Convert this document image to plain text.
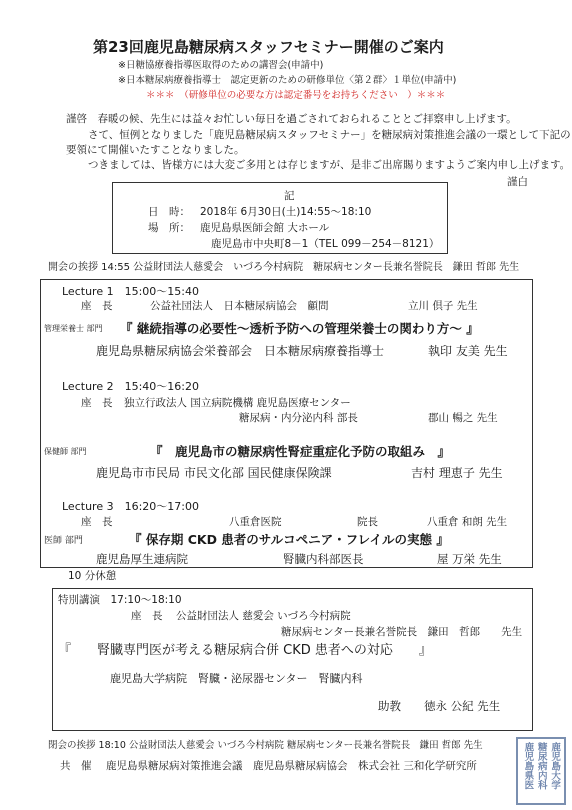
第23回鹿児島糖尿病スタッフセミナー開催のご案内
※日糖協療養指導医取得のための講習会(申請中)
※日本糖尿病療養指導士　認定更新のための研修単位〈第２群〉１単位(申請中)
＊＊＊　（研修単位の必要な方は認定番号をお持ちください　）＊＊＊
謹啓　春暖の候、先生には益々お忙しい毎日を過ごされておられることとご拝察申し上げます。
さて、恒例となりました「鹿児島糖尿病スタッフセミナー」を糖尿病対策推進会議の一環として下記の
要領にて開催いたすことなりました。
つきましては、皆様方には大変ご多用とは存じますが、是非ご出席賜りますようご案内申し上げます。
謹白
記
日　時： 2018年 6月30日(土)14:55～18:10
場　所： 鹿児島県医師会館 大ホール
鹿児島市中央町8－1（TEL 099－254－8121）
開会の挨拶 14:55 公益財団法人慈愛会　いづろ今村病院　糖尿病センター長兼名誉院長　鎌田 哲郎 先生
Lecture 1　15:00～15:40
座　長	公益社団法人　日本糖尿病協会　顧問	立川 倶子 先生
管理栄養士 部門 『 継続指導の必要性～透析予防への管理栄養士の関わり方～ 』
鹿児島県糖尿病協会栄養部会　日本糖尿病療養指導士	執印 友美 先生
Lecture 2　15:40～16:20
座　長 独立行政法人 国立病院機構 鹿児島医療センター
糖尿病・内分泌内科 部長	郡山 暢之 先生
保健師 部門	『　鹿児島市の糖尿病性腎症重症化予防の取組み　』
鹿児島市市民局 市民文化部 国民健康保険課	吉村 理恵子 先生
Lecture 3　16:20～17:00
座　長	八重倉医院	院長	八重倉 和朗 先生
医師 部門	『 保存期 CKD 患者のサルコペニア・フレイルの実態 』
鹿児島厚生連病院	腎臓内科部医長	屋 万栄 先生
10 分休憩
特別講演　17:10～18:10
座　長 公益財団法人 慈愛会 いづろ今村病院
糖尿病センター長兼名誉院長　鎌田　哲郎　　先生
『　　腎臓専門医が考える糖尿病合併 CKD 患者への対応　　』
鹿児島大学病院　腎臓・泌尿器センター　腎臓内科
助教　　徳永 公紀 先生
閉会の挨拶 18:10 公益財団法人慈愛会 いづろ今村病院 糖尿病センター長兼名誉院長　鎌田 哲郎 先生
共　催 鹿児島県糖尿病対策推進会議　鹿児島県糖尿病協会　株式会社 三和化学研究所	鹿児島大学
糖尿病内科
鹿児島県医
